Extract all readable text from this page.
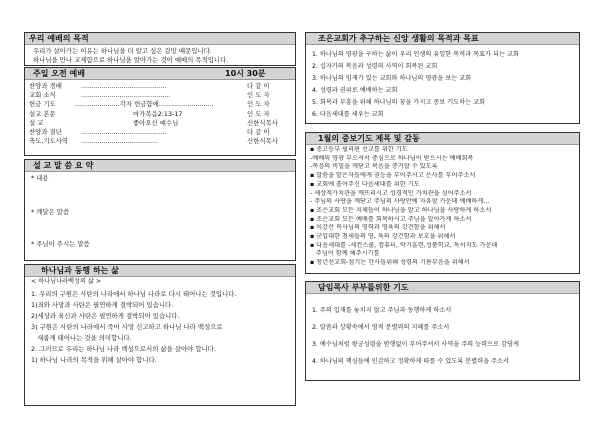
우리 예배의 목적
우리가 살아가는 이유는 하나님을 더 알고 싶은 갈망 때문입니다.
하나님을 만나 교제함으로 하나님을 알아가는 것이 예배의 목적입니다.
주일 오전 예배	10시 30분
찬양과 경배	..........................................	다 같 이
교회 소식	............................................	인 도 자
헌금 기도	......................각자 헌금함에...........................	인 도 자
설교 본문	마가복음2:13-17	인 도 자
설 교	좋아오신 예수님	신한식목사
찬양과 결단	..........................................	다 같 이
축도,기도사역 ......................................	신한식목사
설 교 말 씀 요 약
* 내용
* 깨달은 말씀
* 주님이 주시는 말씀
하나님과 동행 하는 삶
< 하나님나라백성의 삶 >
1. 우리의 구원은 사탄의 나라에서 하나님 나라로 다시 태어나는 것입니다.
1)죄와 사망과 사탄은 필연하게 결박되어 있습니다.
2)세상과 육신과 사탄은 필연하게 결박되어 있습니다.
3) 구원은 사탄의 나라에서 죽어 사망 신고하고 하나님 나라 백성으로
새롭게 태어나는 것을 의미합니다.
2. 그러므로 우리는 하나님 나라 백성으로서의 삶을 살아야 합니다.
1) 하나님 나라의 목적을 위해 살아야 합니다.
조은교회가 추구하는 신앙 생활의 목적과 목표
1. 하나님의 영광을 구하는 삶이 우리 인생의 유일한 목적과 목표가 되는 교회
2. 십자가의 복음과 성령의 사역이 회복된 교회
3. 하나님의 임재가 있는 교회와 하나님의 영광을 보는 교회
4. 성령과 권위로 예배하는 교회
5. 회복과 부흥을 위해 하나님의 꿈을 가지고 중보 기도하는 교회
6. 다음세대를 세우는 교회
1월의 중보기도 제목 및 감동
▪ 중고등부 필리핀 선교를 위한 기도
-예배의 영광 부으셔서 중심으로 하나님이 받으시는 예배회복
-복음의 비밀을 깨닫고 복음을 증거할 수 있도록
▪ 말씀을 맡은자들에게 권능을 부어주시고 은사를 부어주소서
▪ 교회에 흩어주신 다음세대를 위한 기도
- 세상적가치관을 깨뜨리시고 성경적인 가치관을 심어주소서
- 주님의 사랑을 깨닫고 주님의 사랑안에 자유할 가운데 예배하게...
▪ 조은교회 모든 지체들이 하나님을 알고 하나님을 사랑하게 하소서
▪ 조은교회 모든 예배를 회복하시고 주님을 알아가게 하소서
▪ 이강산 목사님의 영력과 영육의 강건함을 위해서
▪ 군입대한 청세들의 영, 육의 강건함과 보호을 위해서
▪ 다음세대를 -세컨스쿨, 컴퓨터, 악기훈련,성품학교, 독서지도 가운데
주님이 함께 해주시기를
▪ 청년선교회-섬기는 간사들위해 성령의 기름부음을 위해서
담임목사 부부를위한 기도
1. 주의 입재를 놓치지 않고 주님과 동행하게 하소서
2. 말씀과 상황속에서 영적 분별력의 지혜를 주소서
3. 예수님처럼 왕궁성령을 받행없이 부어주셔서 사역을 주의 능력으로 감당케
4. 하나님의 핵심들에 민감하고 정확하게 따를 수 있도록 분별력을 주소서
